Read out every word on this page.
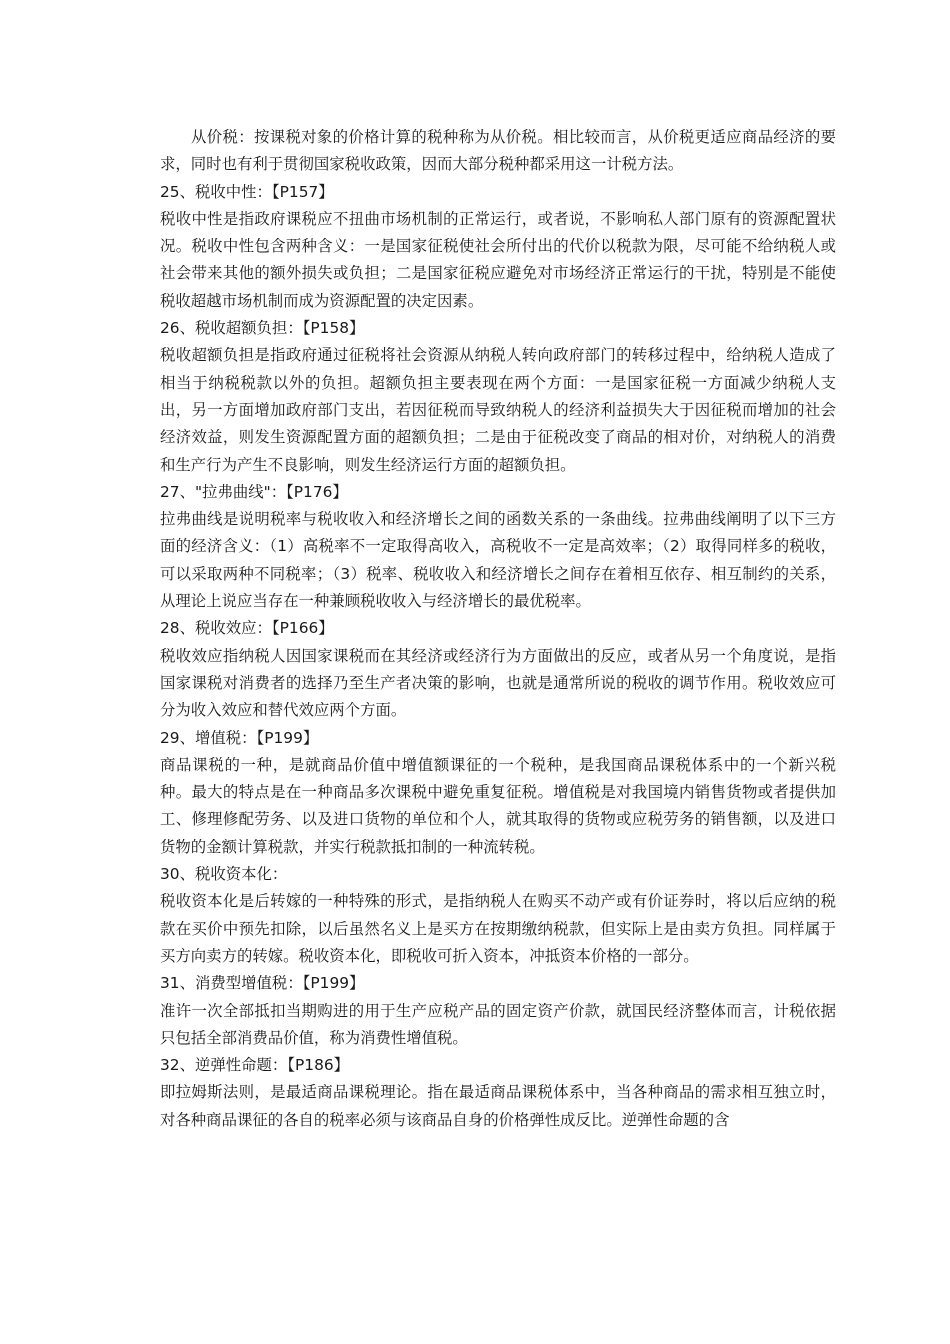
从价税：按课税对象的价格计算的税种称为从价税。相比较而言，从价税更适应商品经济的要求，同时也有利于贯彻国家税收政策，因而大部分税种都采用这一计税方法。

25、税收中性：【P157】

税收中性是指政府课税应不扭曲市场机制的正常运行，或者说，不影响私人部门原有的资源配置状况。税收中性包含两种含义：一是国家征税使社会所付出的代价以税款为限，尽可能不给纳税人或社会带来其他的额外损失或负担；二是国家征税应避免对市场经济正常运行的干扰，特别是不能使税收超越市场机制而成为资源配置的决定因素。

26、税收超额负担：【P158】

税收超额负担是指政府通过征税将社会资源从纳税人转向政府部门的转移过程中，给纳税人造成了相当于纳税税款以外的负担。超额负担主要表现在两个方面：一是国家征税一方面减少纳税人支出，另一方面增加政府部门支出，若因征税而导致纳税人的经济利益损失大于因征税而增加的社会经济效益，则发生资源配置方面的超额负担；二是由于征税改变了商品的相对价，对纳税人的消费和生产行为产生不良影响，则发生经济运行方面的超额负担。

27、"拉弗曲线"：【P176】

拉弗曲线是说明税率与税收收入和经济增长之间的函数关系的一条曲线。拉弗曲线阐明了以下三方面的经济含义：（1）高税率不一定取得高收入，高税收不一定是高效率；（2）取得同样多的税收，可以采取两种不同税率；（3）税率、税收收入和经济增长之间存在着相互依存、相互制约的关系，从理论上说应当存在一种兼顾税收收入与经济增长的最优税率。

28、税收效应：【P166】

税收效应指纳税人因国家课税而在其经济或经济行为方面做出的反应，或者从另一个角度说，是指国家课税对消费者的选择乃至生产者决策的影响，也就是通常所说的税收的调节作用。税收效应可分为收入效应和替代效应两个方面。

29、增值税：【P199】

商品课税的一种，是就商品价值中增值额课征的一个税种，是我国商品课税体系中的一个新兴税种。最大的特点是在一种商品多次课税中避免重复征税。增值税是对我国境内销售货物或者提供加工、修理修配劳务、以及进口货物的单位和个人，就其取得的货物或应税劳务的销售额，以及进口货物的金额计算税款，并实行税款抵扣制的一种流转税。

30、税收资本化：

税收资本化是后转嫁的一种特殊的形式，是指纳税人在购买不动产或有价证券时，将以后应纳的税款在买价中预先扣除，以后虽然名义上是买方在按期缴纳税款，但实际上是由卖方负担。同样属于买方向卖方的转嫁。税收资本化，即税收可折入资本，冲抵资本价格的一部分。

31、消费型增值税：【P199】

准许一次全部抵扣当期购进的用于生产应税产品的固定资产价款，就国民经济整体而言，计税依据只包括全部消费品价值，称为消费性增值税。

32、逆弹性命题：【P186】

即拉姆斯法则，是最适商品课税理论。指在最适商品课税体系中，当各种商品的需求相互独立时，对各种商品课征的各自的税率必须与该商品自身的价格弹性成反比。逆弹性命题的含
